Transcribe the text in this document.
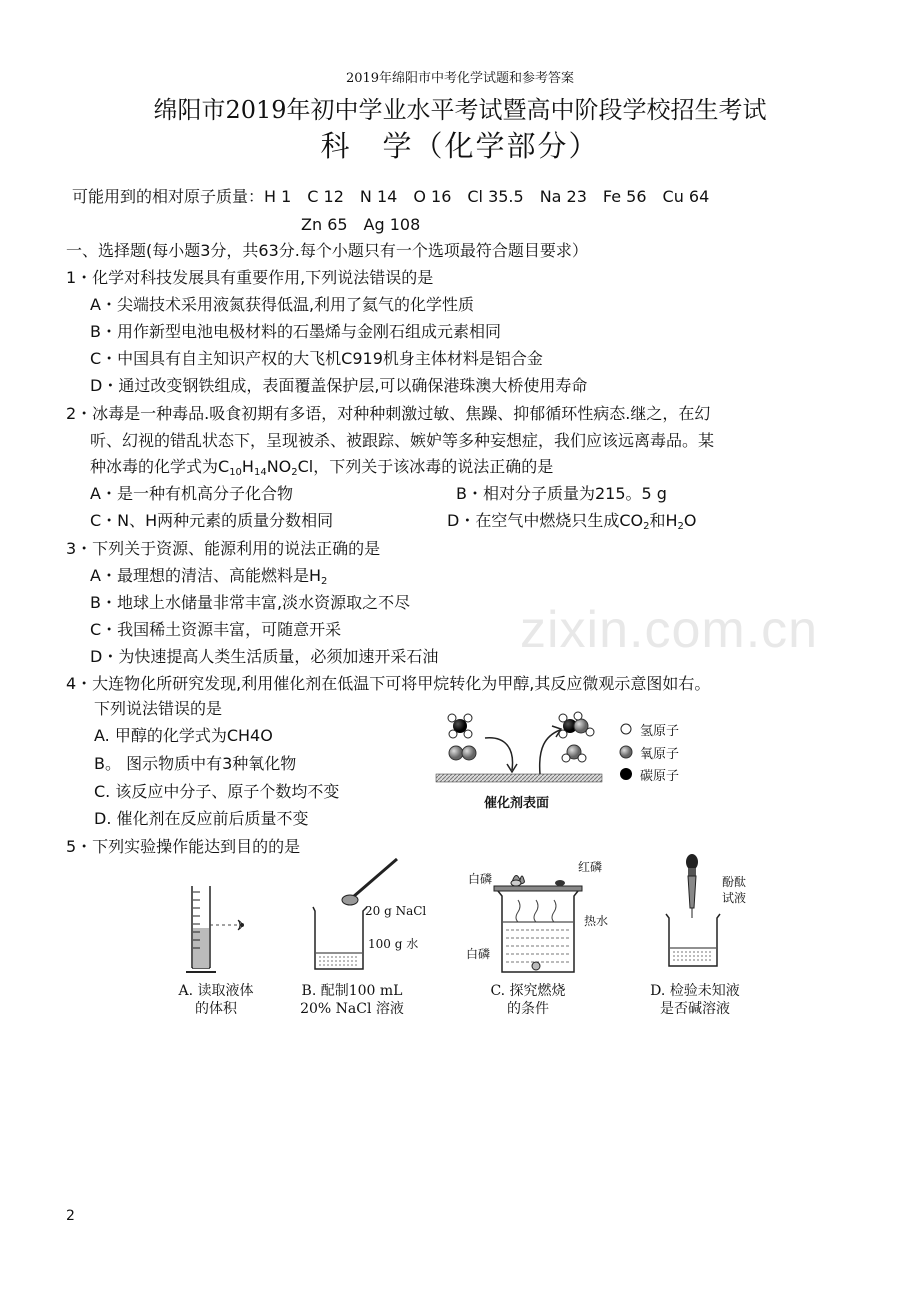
zixin.com.cn
2019年绵阳市中考化学试题和参考答案
绵阳市2019年初中学业水平考试暨高中阶段学校招生考试
科　学（化学部分）
可能用到的相对原子质量：H 1　C 12　N 14　O 16　Cl 35.5　Na 23　Fe 56　Cu 64
Zn 65　Ag 108
一、选择题(每小题3分，共63分.每个小题只有一个选项最符合题目要求）
1・化学对科技发展具有重要作用,下列说法错误的是
A・尖端技术采用液氮获得低温,利用了氦气的化学性质
B・用作新型电池电极材料的石墨烯与金刚石组成元素相同
C・中国具有自主知识产权的大飞机C919机身主体材料是铝合金
D・通过改变钢铁组成，表面覆盖保护层,可以确保港珠澳大桥使用寿命
2・冰毒是一种毒品.吸食初期有多语，对种种刺激过敏、焦躁、抑郁循环性病态.继之，在幻
听、幻视的错乱状态下，呈现被杀、被跟踪、嫉妒等多种妄想症，我们应该远离毒品。某
种冰毒的化学式为$C_{10}H_{14}NO_2Cl$，下列关于该冰毒的说法正确的是
A・是一种有机高分子化合物	B・相对分子质量为215。5 g
C・N、H两种元素的质量分数相同	D・在空气中燃烧只生成$CO_2$和$H_2O$
3・下列关于资源、能源利用的说法正确的是
A・最理想的清洁、高能燃料是$H_2$
B・地球上水储量非常丰富,淡水资源取之不尽
C・我国稀土资源丰富，可随意开采
D・为快速提高人类生活质量，必须加速开采石油
4・大连物化所研究发现,利用催化剂在低温下可将甲烷转化为甲醇,其反应微观示意图如右。
下列说法错误的是
A. 甲醇的化学式为CH4O
B。 图示物质中有3种氧化物
C. 该反应中分子、原子个数均不变
D. 催化剂在反应前后质量不变
氢原子
氧原子
碳原子
催化剂表面
5・下列实验操作能达到目的的是
A. 读取液体
的体积
20 g NaCl
100 g 水
B. 配制100 mL
20% NaCl 溶液
白磷
红磷
热水
白磷
C. 探究燃烧
的条件
酚酞
试液
D. 检验未知液
是否碱溶液
2
